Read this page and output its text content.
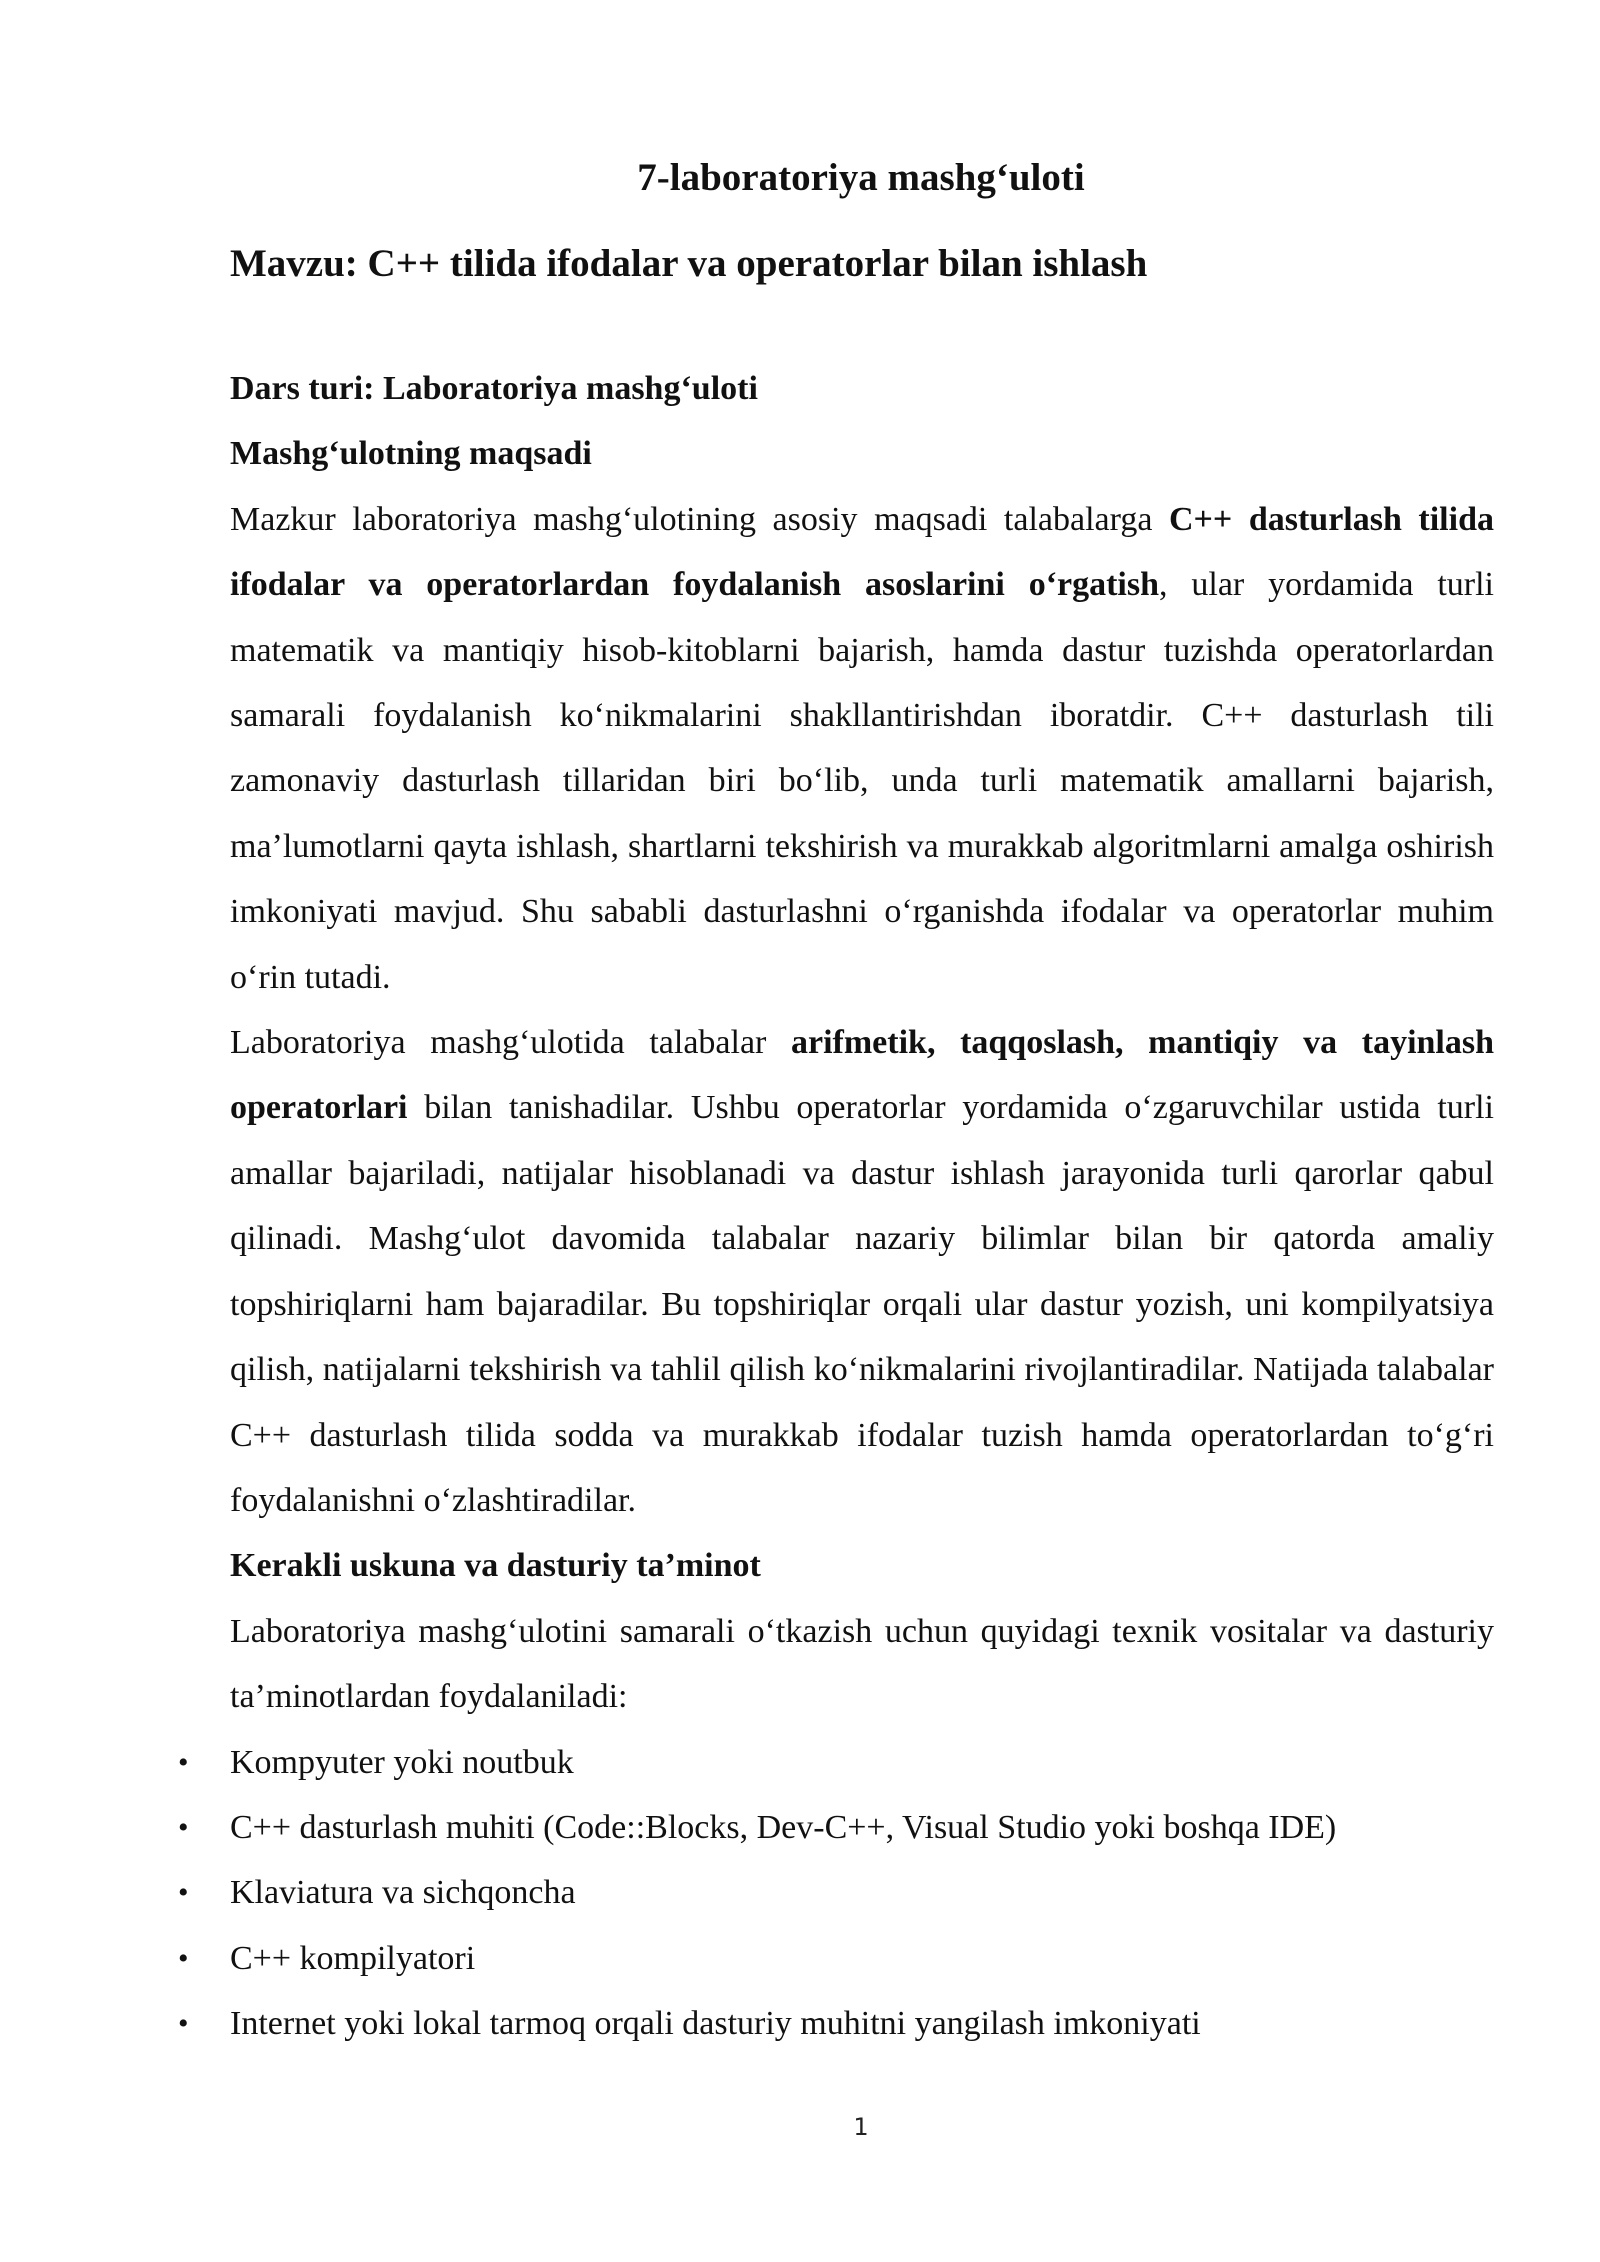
7-laboratoriya mashg‘uloti
Mavzu: C++ tilida ifodalar va operatorlar bilan ishlash

Dars turi: Laboratoriya mashg‘uloti

Mashg‘ulotning maqsadi

Mazkur laboratoriya mashg‘ulotining asosiy maqsadi talabalarga C++ dasturlash tilida ifodalar va operatorlardan foydalanish asoslarini o‘rgatish, ular yordamida turli matematik va mantiqiy hisob-kitoblarni bajarish, hamda dastur tuzishda operatorlardan samarali foydalanish ko‘nikmalarini shakllantirishdan iboratdir. C++ dasturlash tili zamonaviy dasturlash tillaridan biri bo‘lib, unda turli matematik amallarni bajarish, ma’lumotlarni qayta ishlash, shartlarni tekshirish va murakkab algoritmlarni amalga oshirish imkoniyati mavjud. Shu sababli dasturlashni o‘rganishda ifodalar va operatorlar muhim o‘rin tutadi.

Laboratoriya mashg‘ulotida talabalar arifmetik, taqqoslash, mantiqiy va tayinlash operatorlari bilan tanishadilar. Ushbu operatorlar yordamida o‘zgaruvchilar ustida turli amallar bajariladi, natijalar hisoblanadi va dastur ishlash jarayonida turli qarorlar qabul qilinadi. Mashg‘ulot davomida talabalar nazariy bilimlar bilan bir qatorda amaliy topshiriqlarni ham bajaradilar. Bu topshiriqlar orqali ular dastur yozish, uni kompilyatsiya qilish, natijalarni tekshirish va tahlil qilish ko‘nikmalarini rivojlantiradilar. Natijada talabalar C++ dasturlash tilida sodda va murakkab ifodalar tuzish hamda operatorlardan to‘g‘ri foydalanishni o‘zlashtiradilar.

Kerakli uskuna va dasturiy ta’minot

Laboratoriya mashg‘ulotini samarali o‘tkazish uchun quyidagi texnik vositalar va dasturiy ta’minotlardan foydalaniladi:

• Kompyuter yoki noutbuk
• C++ dasturlash muhiti (Code::Blocks, Dev-C++, Visual Studio yoki boshqa IDE)
• Klaviatura va sichqoncha
• C++ kompilyatori
• Internet yoki lokal tarmoq orqali dasturiy muhitni yangilash imkoniyati
1
